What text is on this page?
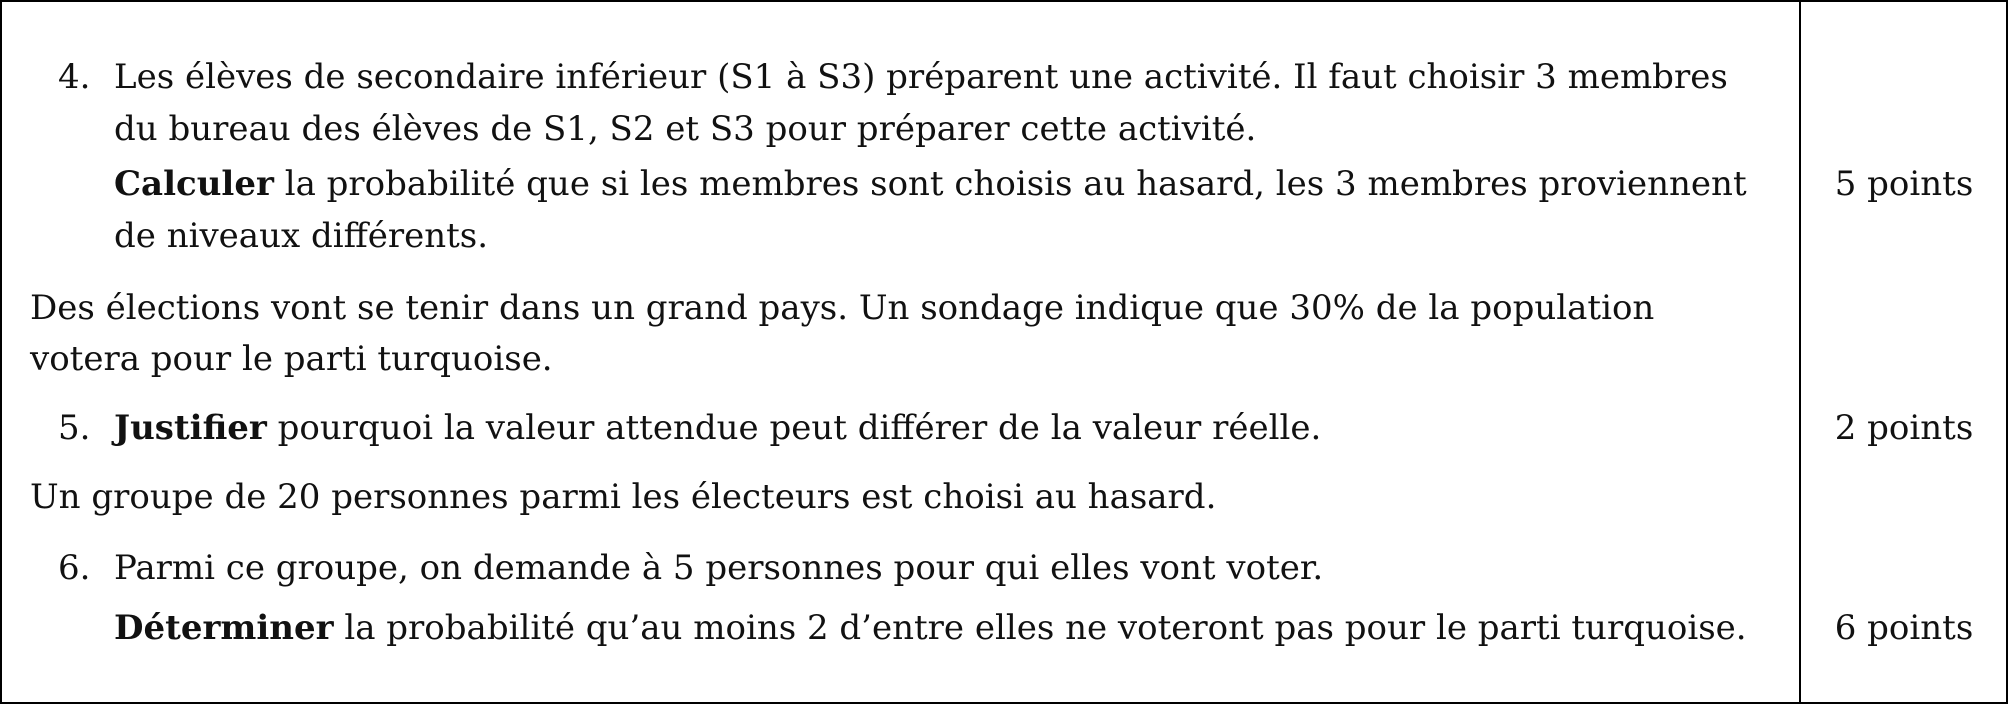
4. Les élèves de secondaire inférieur (S1 à S3) préparent une activité. Il faut choisir 3 membres
du bureau des élèves de S1, S2 et S3 pour préparer cette activité.
Calculer la probabilité que si les membres sont choisis au hasard, les 3 membres proviennent
de niveaux différents.
5 points
Des élections vont se tenir dans un grand pays. Un sondage indique que 30% de la population
votera pour le parti turquoise.
5. Justifier pourquoi la valeur attendue peut différer de la valeur réelle.	2 points
Un groupe de 20 personnes parmi les électeurs est choisi au hasard.
6. Parmi ce groupe, on demande à 5 personnes pour qui elles vont voter.
Déterminer la probabilité qu’au moins 2 d’entre elles ne voteront pas pour le parti turquoise.	6 points
